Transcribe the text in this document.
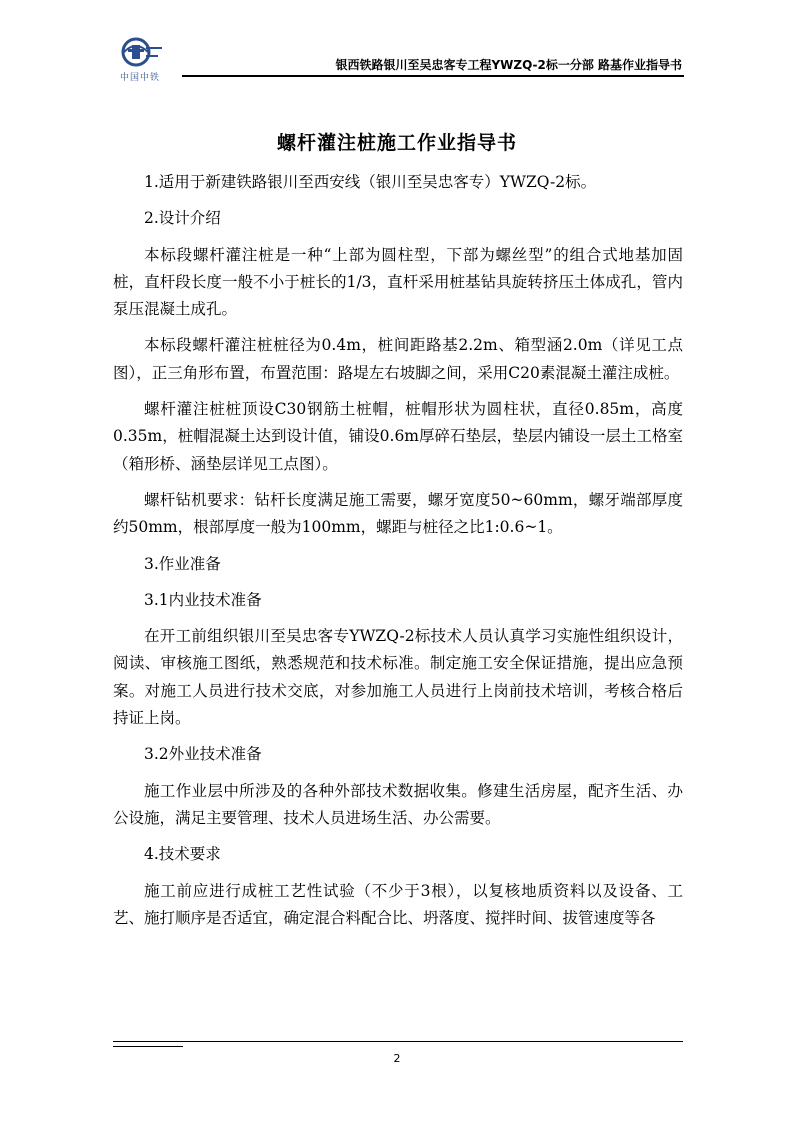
中国中铁
银西铁路银川至吴忠客专工程YWZQ-2标一分部 路基作业指导书
螺杆灌注桩施工作业指导书

1.适用于新建铁路银川至西安线（银川至吴忠客专）YWZQ-2标。

2.设计介绍

本标段螺杆灌注桩是一种“上部为圆柱型，下部为螺丝型”的组合式地基加固桩，直杆段长度一般不小于桩长的1/3，直杆采用桩基钻具旋转挤压土体成孔，管内泵压混凝土成孔。

本标段螺杆灌注桩桩径为0.4m，桩间距路基2.2m、箱型涵2.0m（详见工点图），正三角形布置，布置范围：路堤左右坡脚之间，采用C20素混凝土灌注成桩。

螺杆灌注桩桩顶设C30钢筋土桩帽，桩帽形状为圆柱状，直径0.85m，高度0.35m，桩帽混凝土达到设计值，铺设0.6m厚碎石垫层，垫层内铺设一层土工格室（箱形桥、涵垫层详见工点图）。

螺杆钻机要求：钻杆长度满足施工需要，螺牙宽度50~60mm，螺牙端部厚度约50mm，根部厚度一般为100mm，螺距与桩径之比1:0.6~1。

3.作业准备

3.1内业技术准备

在开工前组织银川至吴忠客专YWZQ-2标技术人员认真学习实施性组织设计，阅读、审核施工图纸，熟悉规范和技术标准。制定施工安全保证措施，提出应急预案。对施工人员进行技术交底，对参加施工人员进行上岗前技术培训，考核合格后持证上岗。

3.2外业技术准备

施工作业层中所涉及的各种外部技术数据收集。修建生活房屋，配齐生活、办公设施，满足主要管理、技术人员进场生活、办公需要。

4.技术要求

施工前应进行成桩工艺性试验（不少于3根），以复核地质资料以及设备、工艺、施打顺序是否适宜，确定混合料配合比、坍落度、搅拌时间、拔管速度等各

2
